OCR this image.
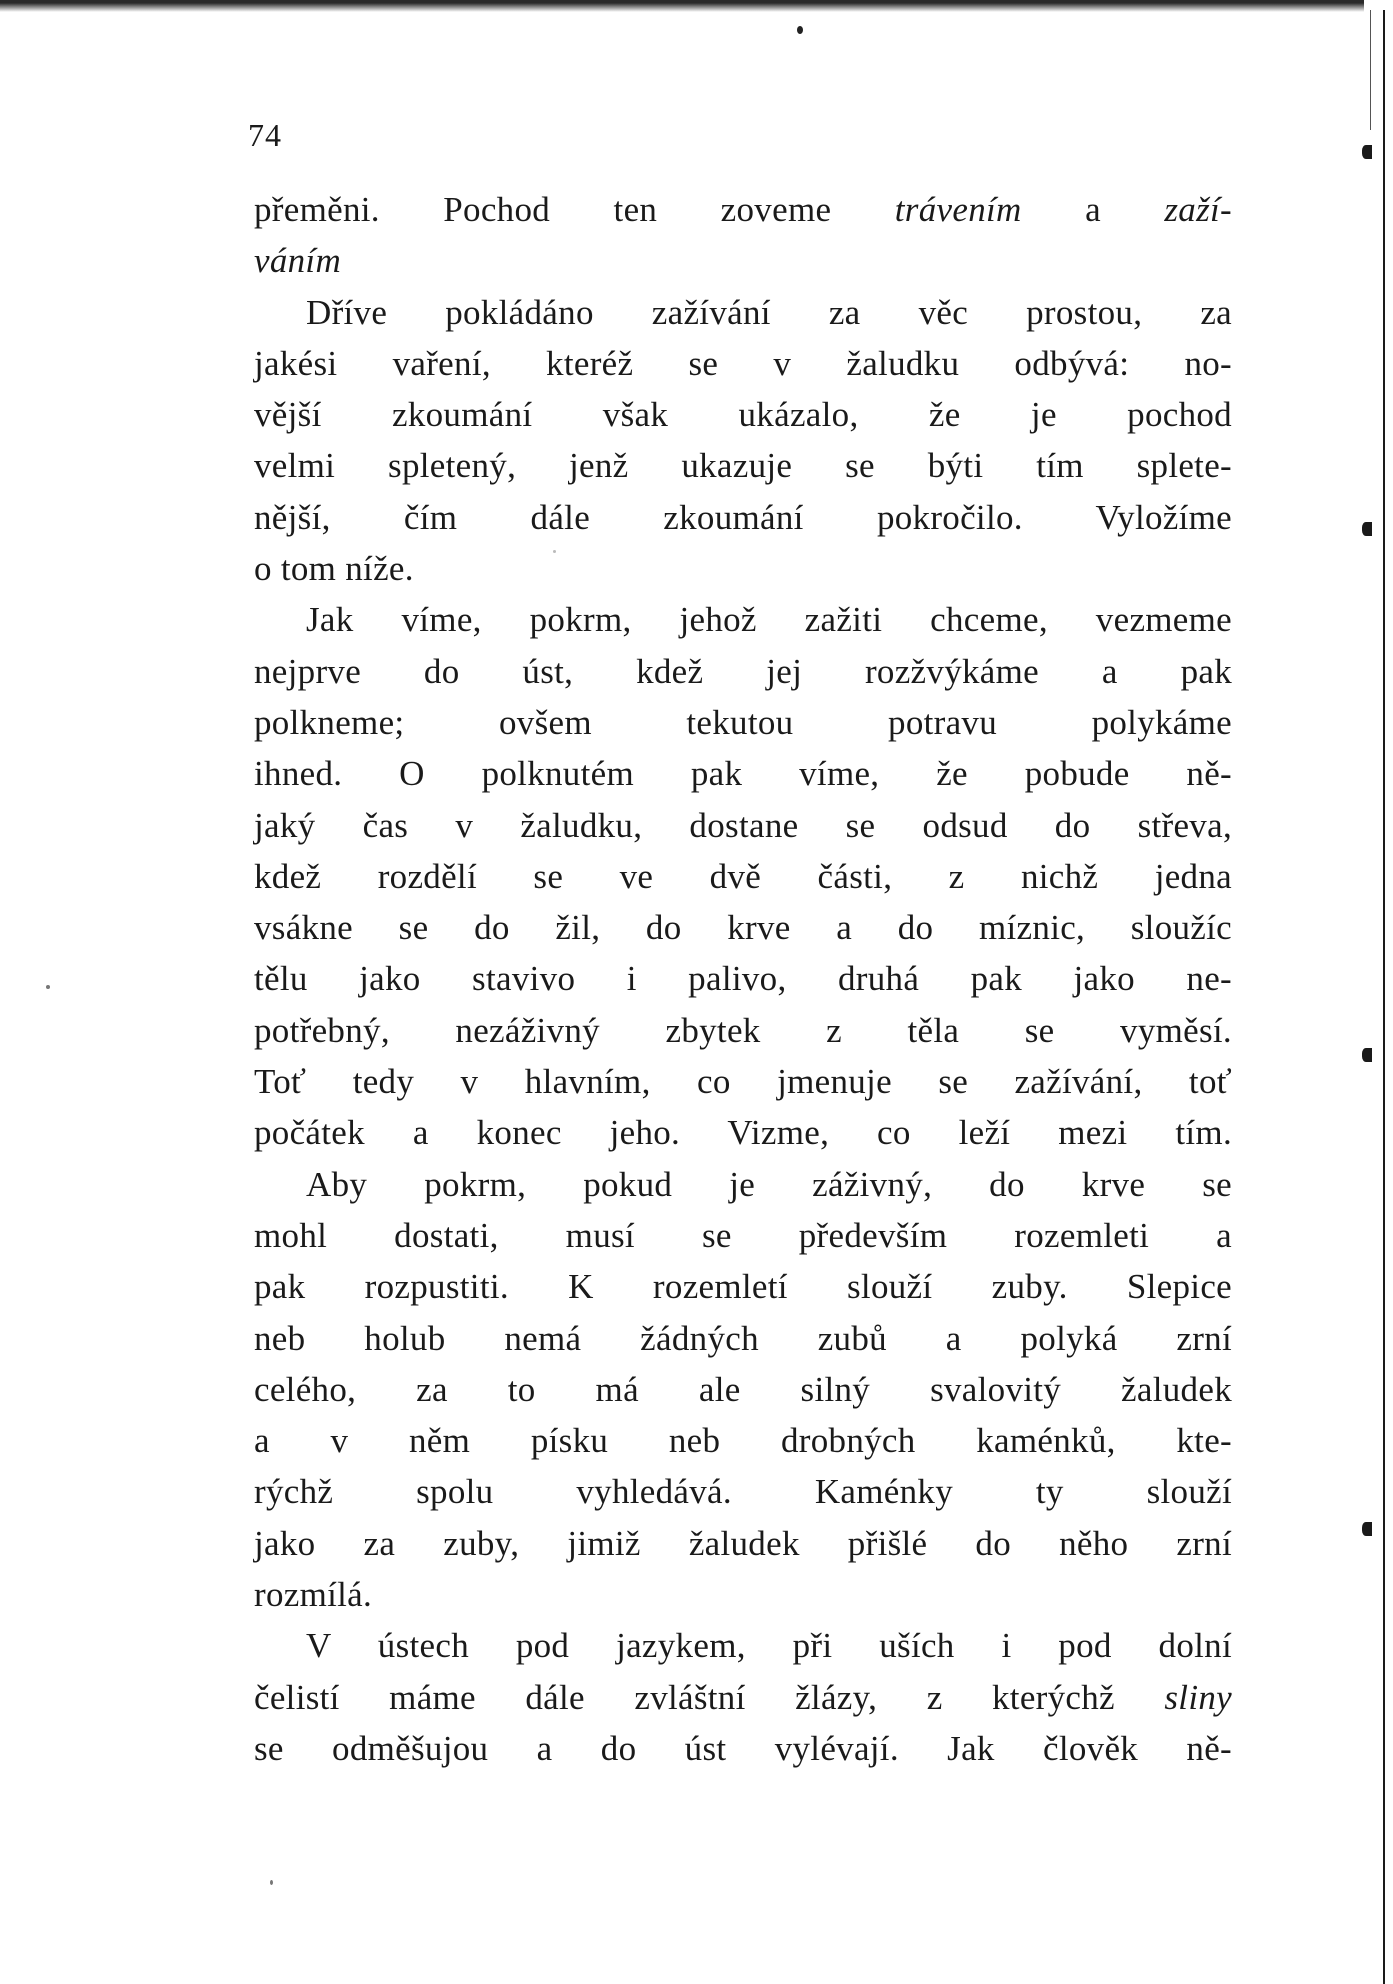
74
přeměni. Pochod ten zoveme trávením a zaží-
váním
Dříve pokládáno zažívání za věc prostou, za
jakési vaření, kteréž se v žaludku odbývá: no-
vější zkoumání však ukázalo, že je pochod
velmi spletený, jenž ukazuje se býti tím splete-
nější, čím dále zkoumání pokročilo. Vyložíme
o tom níže.
Jak víme, pokrm, jehož zažiti chceme, vezmeme
nejprve do úst, kdež jej rozžvýkáme a pak
polkneme; ovšem tekutou potravu polykáme
ihned. O polknutém pak víme, že pobude ně-
jaký čas v žaludku, dostane se odsud do střeva,
kdež rozdělí se ve dvě části, z nichž jedna
vsákne se do žil, do krve a do míznic, sloužíc
tělu jako stavivo i palivo, druhá pak jako ne-
potřebný, nezáživný zbytek z těla se vyměsí.
Toť tedy v hlavním, co jmenuje se zažívání, toť
počátek a konec jeho. Vizme, co leží mezi tím.
Aby pokrm, pokud je záživný, do krve se
mohl dostati, musí se především rozemleti a
pak rozpustiti. K rozemletí slouží zuby. Slepice
neb holub nemá žádných zubů a polyká zrní
celého, za to má ale silný svalovitý žaludek
a v něm písku neb drobných kaménků, kte-
rýchž spolu vyhledává. Kaménky ty slouží
jako za zuby, jimiž žaludek přišlé do něho zrní
rozmílá.
V ústech pod jazykem, při uších i pod dolní
čelistí máme dále zvláštní žlázy, z kterýchž sliny
se odměšujou a do úst vylévají. Jak člověk ně-
